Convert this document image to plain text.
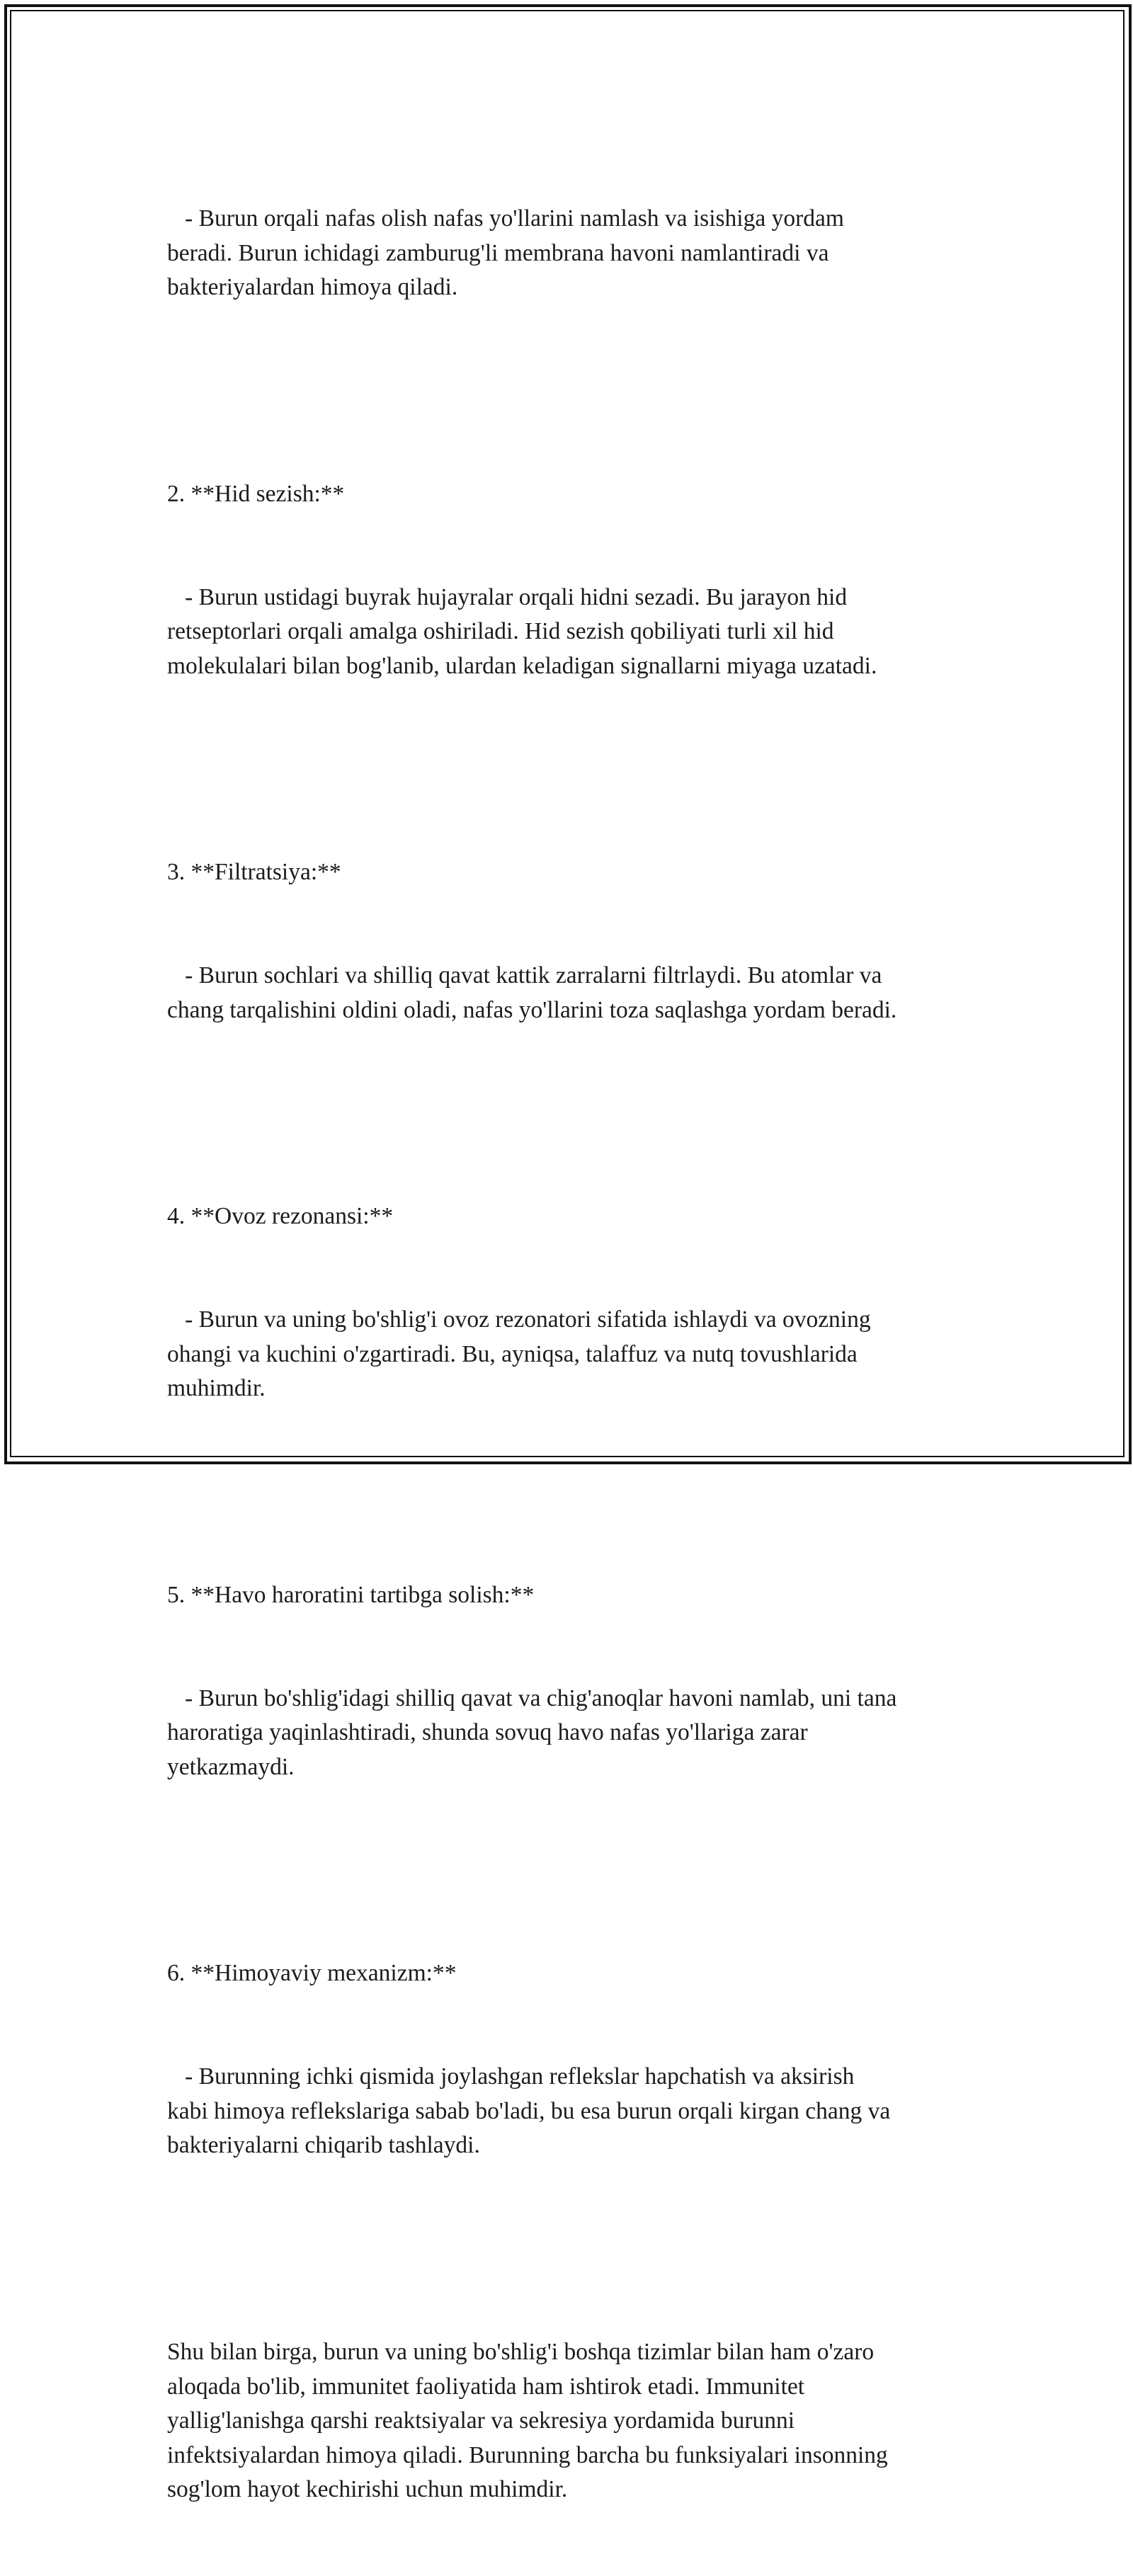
- Burun orqali nafas olish nafas yo'llarini namlash va isishiga yordam
beradi. Burun ichidagi zamburug'li membrana havoni namlantiradi va
bakteriyalardan himoya qiladi.

2. **Hid sezish:**

- Burun ustidagi buyrak hujayralar orqali hidni sezadi. Bu jarayon hid
retseptorlari orqali amalga oshiriladi. Hid sezish qobiliyati turli xil hid
molekulalari bilan bog'lanib, ulardan keladigan signallarni miyaga uzatadi.

3. **Filtratsiya:**

- Burun sochlari va shilliq qavat kattik zarralarni filtrlaydi. Bu atomlar va
chang tarqalishini oldini oladi, nafas yo'llarini toza saqlashga yordam beradi.

4. **Ovoz rezonansi:**

- Burun va uning bo'shlig'i ovoz rezonatori sifatida ishlaydi va ovozning
ohangi va kuchini o'zgartiradi. Bu, ayniqsa, talaffuz va nutq tovushlarida
muhimdir.

5. **Havo haroratini tartibga solish:**

- Burun bo'shlig'idagi shilliq qavat va chig'anoqlar havoni namlab, uni tana
haroratiga yaqinlashtiradi, shunda sovuq havo nafas yo'llariga zarar
yetkazmaydi.

6. **Himoyaviy mexanizm:**

- Burunning ichki qismida joylashgan reflekslar hapchatish va aksirish
kabi himoya reflekslariga sabab bo'ladi, bu esa burun orqali kirgan chang va
bakteriyalarni chiqarib tashlaydi.

Shu bilan birga, burun va uning bo'shlig'i boshqa tizimlar bilan ham o'zaro
aloqada bo'lib, immunitet faoliyatida ham ishtirok etadi. Immunitet
yallig'lanishga qarshi reaktsiyalar va sekresiya yordamida burunni
infektsiyalardan himoya qiladi. Burunning barcha bu funksiyalari insonning
sog'lom hayot kechirishi uchun muhimdir.
